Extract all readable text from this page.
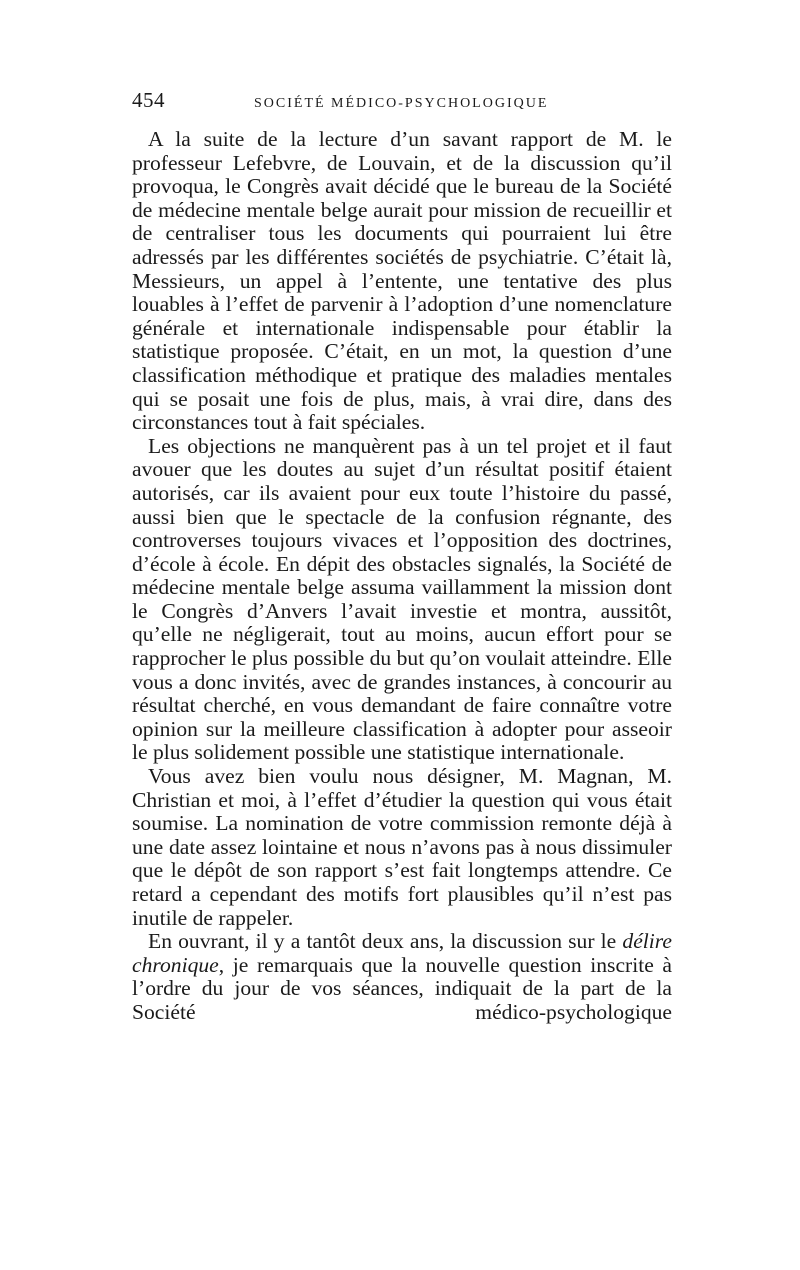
454	SOCIÉTÉ MÉDICO-PSYCHOLOGIQUE

A la suite de la lecture d’un savant rapport de M. le professeur Lefebvre, de Louvain, et de la discussion qu’il provoqua, le Congrès avait décidé que le bureau de la Société de médecine mentale belge aurait pour mission de recueillir et de centraliser tous les documents qui pourraient lui être adressés par les différentes sociétés de psychiatrie. C’était là, Messieurs, un appel à l’entente, une tentative des plus louables à l’effet de parvenir à l’adoption d’une nomenclature générale et internationale indispensable pour établir la statistique proposée. C’était, en un mot, la question d’une classification méthodique et pratique des maladies mentales qui se posait une fois de plus, mais, à vrai dire, dans des circonstances tout à fait spéciales.

Les objections ne manquèrent pas à un tel projet et il faut avouer que les doutes au sujet d’un résultat positif étaient autorisés, car ils avaient pour eux toute l’histoire du passé, aussi bien que le spectacle de la confusion régnante, des controverses toujours vivaces et l’opposition des doctrines, d’école à école. En dépit des obstacles signalés, la Société de médecine mentale belge assuma vaillamment la mission dont le Congrès d’Anvers l’avait investie et montra, aussitôt, qu’elle ne négligerait, tout au moins, aucun effort pour se rapprocher le plus possible du but qu’on voulait atteindre. Elle vous a donc invités, avec de grandes instances, à concourir au résultat cherché, en vous demandant de faire connaître votre opinion sur la meilleure classification à adopter pour asseoir le plus solidement possible une statistique internationale.

Vous avez bien voulu nous désigner, M. Magnan, M. Christian et moi, à l’effet d’étudier la question qui vous était soumise. La nomination de votre commission remonte déjà à une date assez lointaine et nous n’avons pas à nous dissimuler que le dépôt de son rapport s’est fait longtemps attendre. Ce retard a cependant des motifs fort plausibles qu’il n’est pas inutile de rappeler.

En ouvrant, il y a tantôt deux ans, la discussion sur le délire chronique, je remarquais que la nouvelle question inscrite à l’ordre du jour de vos séances, indiquait de la part de la Société médico-psychologique
